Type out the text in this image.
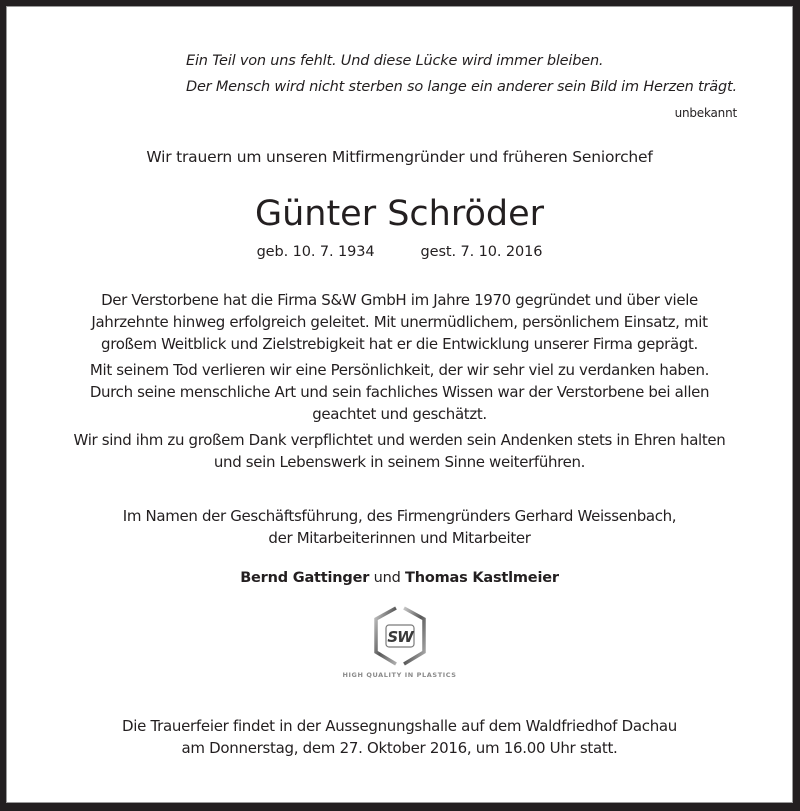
Ein Teil von uns fehlt. Und diese Lücke wird immer bleiben.
Der Mensch wird nicht sterben so lange ein anderer sein Bild im Herzen trägt.
unbekannt
Wir trauern um unseren Mitfirmengründer und früheren Seniorchef
Günter Schröder
geb. 10. 7. 1934	gest. 7. 10. 2016
Der Verstorbene hat die Firma S&W GmbH im Jahre 1970 gegründet und über viele
Jahrzehnte hinweg erfolgreich geleitet. Mit unermüdlichem, persönlichem Einsatz, mit
großem Weitblick und Zielstrebigkeit hat er die Entwicklung unserer Firma geprägt.
Mit seinem Tod verlieren wir eine Persönlichkeit, der wir sehr viel zu verdanken haben.
Durch seine menschliche Art und sein fachliches Wissen war der Verstorbene bei allen
geachtet und geschätzt.
Wir sind ihm zu großem Dank verpflichtet und werden sein Andenken stets in Ehren halten
und sein Lebenswerk in seinem Sinne weiterführen.
Im Namen der Geschäftsführung, des Firmengründers Gerhard Weissenbach,
der Mitarbeiterinnen und Mitarbeiter
Bernd Gattinger und Thomas Kastlmeier
SW
HIGH QUALITY IN PLASTICS
Die Trauerfeier findet in der Aussegnungshalle auf dem Waldfriedhof Dachau
am Donnerstag, dem 27. Oktober 2016, um 16.00 Uhr statt.
